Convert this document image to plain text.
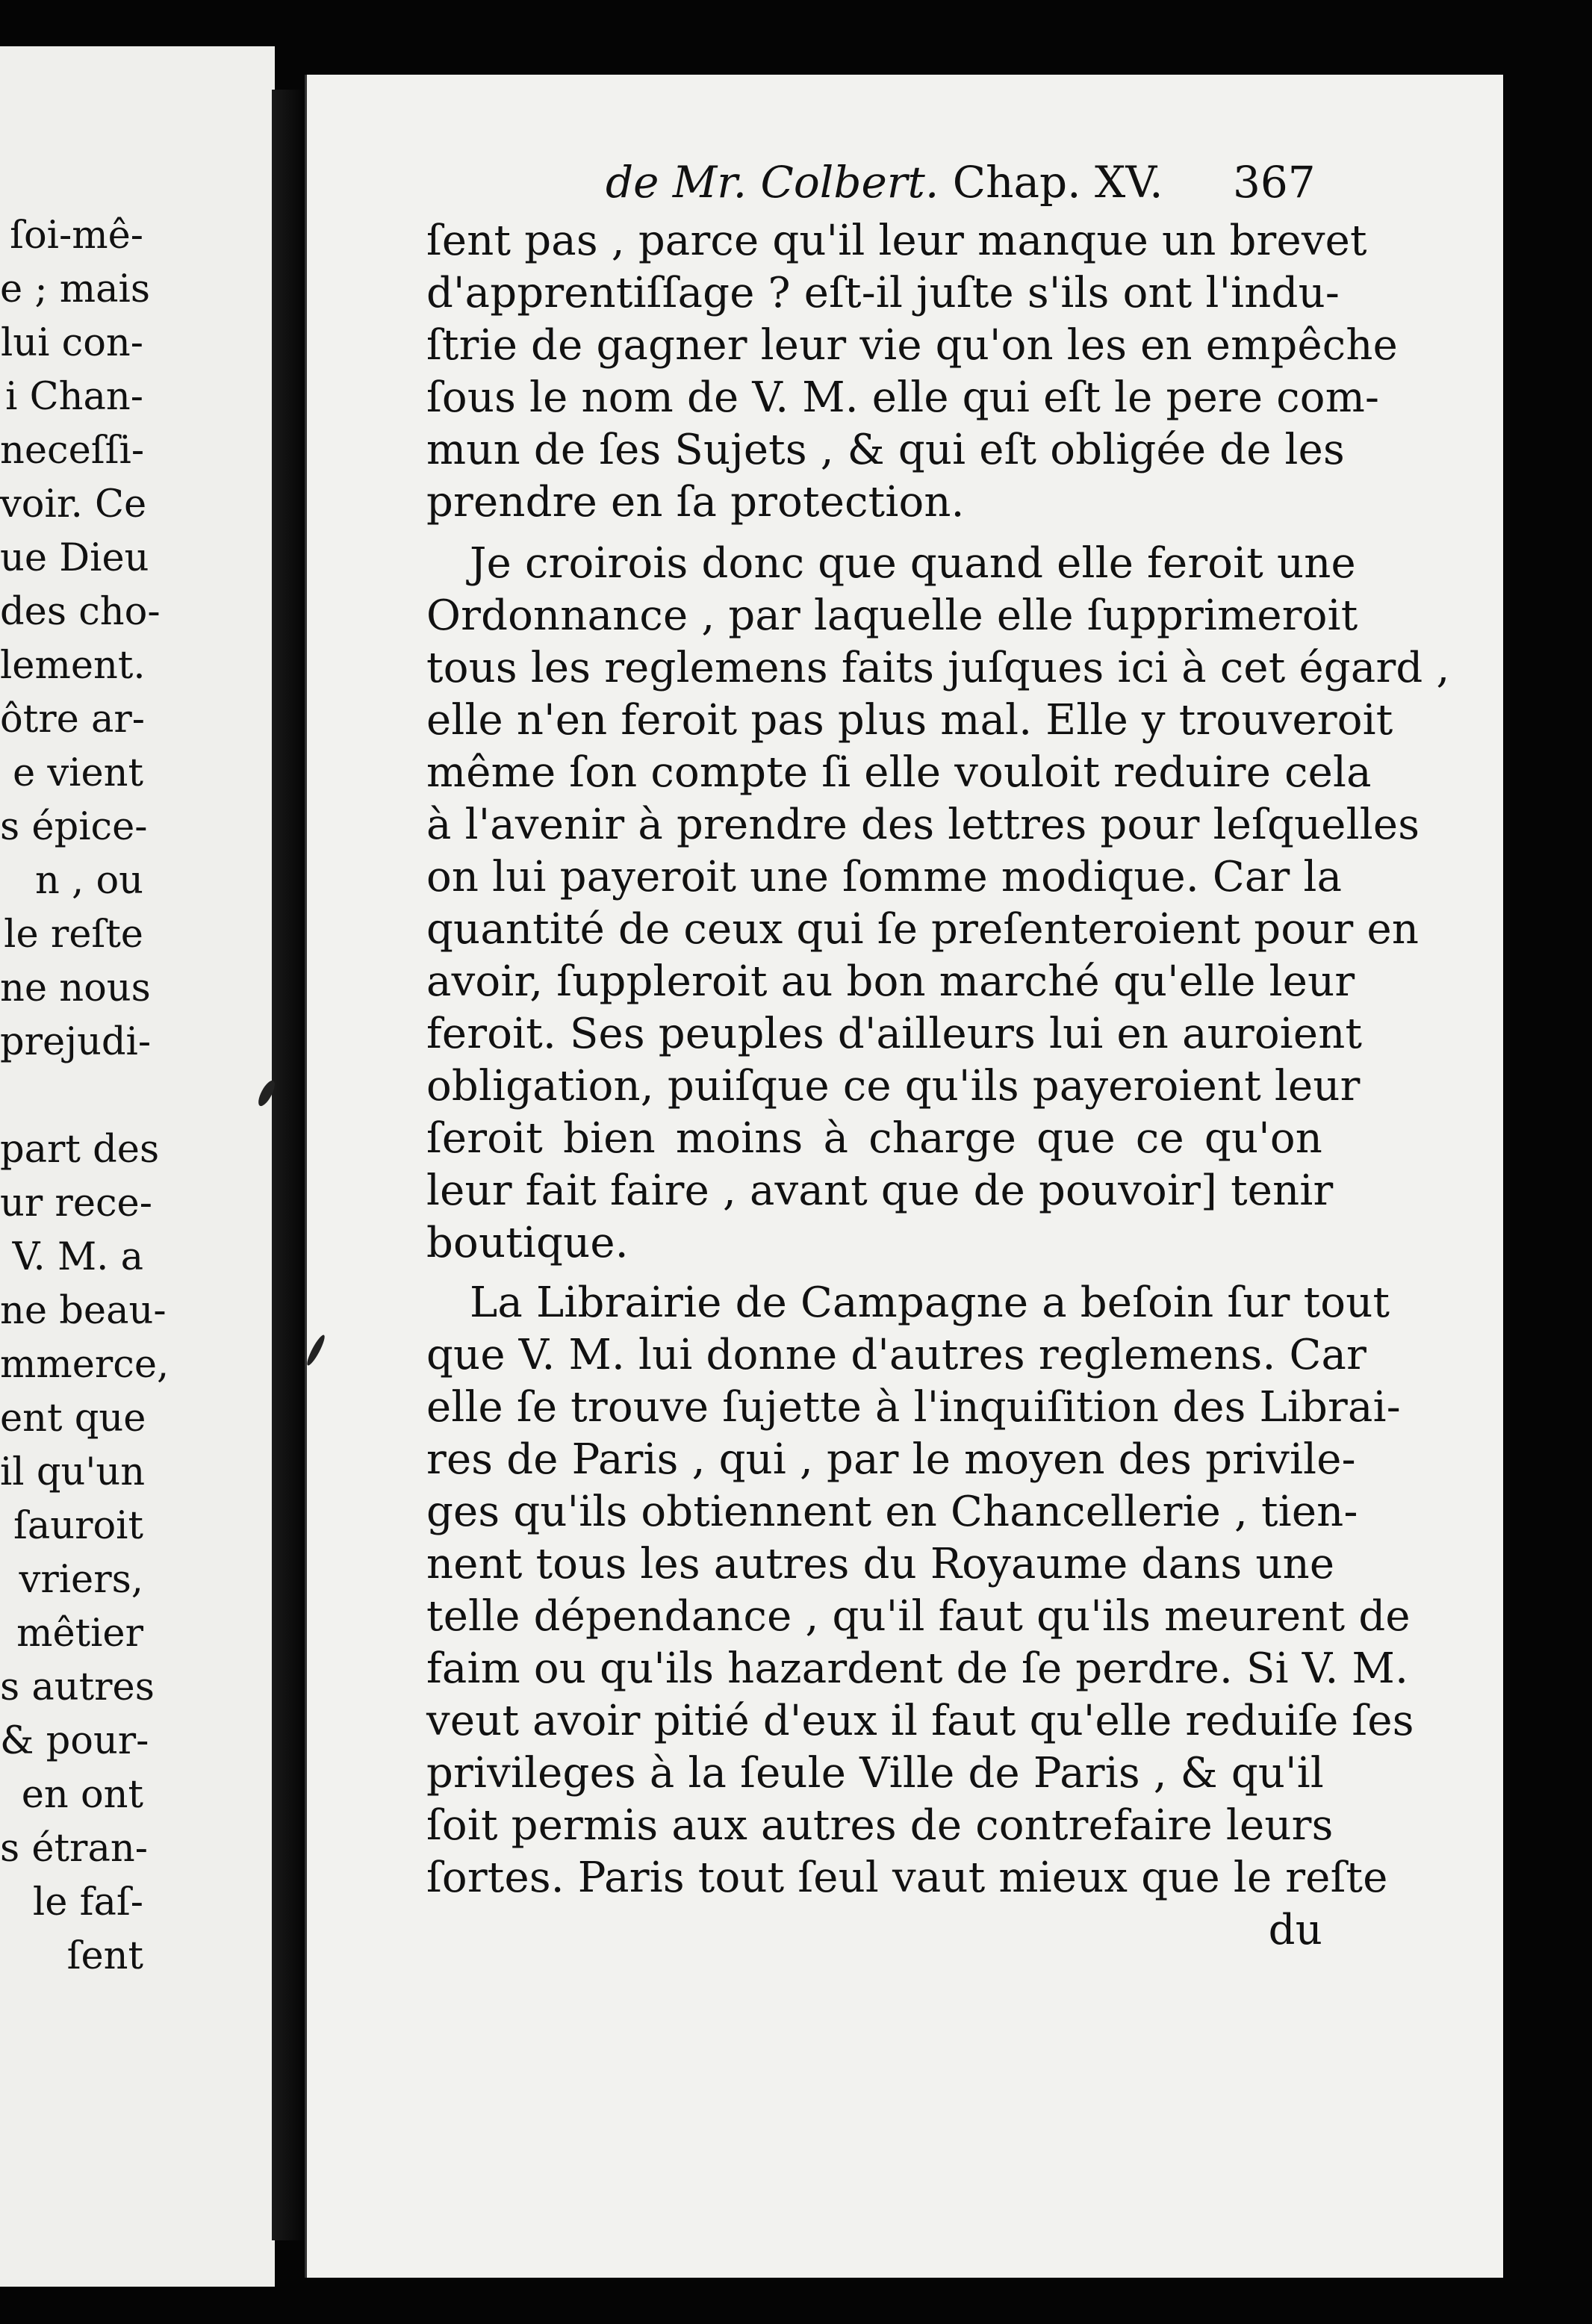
ſoi-mê-
e ; mais
lui con-
i Chan-
neceſſi-
voir. Ce
ue Dieu
des cho-
lement.
ôtre ar-
e vient
s épice-
n , ou
le reſte
ne nous
prejudi-
part des
ur rece-
V. M. a
ne beau-
mmerce,
ent que
il qu'un
ſauroit
vriers,
mêtier
s autres
& pour-
en ont
s étran-
le faſ-
ſent
de Mr. Colbert. Chap. XV. 367
ſent pas , parce qu'il leur manque un brevet
d'apprentiſſage ? eſt-il juſte s'ils ont l'indu-
ſtrie de gagner leur vie qu'on les en empêche
ſous le nom de V. M. elle qui eſt le pere com-
mun de ſes Sujets , & qui eſt obligée de les
prendre en ſa protection.
Je croirois donc que quand elle feroit une
Ordonnance , par laquelle elle ſupprimeroit
tous les reglemens faits juſques ici à cet égard ,
elle n'en feroit pas plus mal. Elle y trouveroit
même ſon compte ſi elle vouloit reduire cela
à l'avenir à prendre des lettres pour leſquelles
on lui payeroit une ſomme modique. Car la
quantité de ceux qui ſe preſenteroient pour en
avoir, ſuppleroit au bon marché qu'elle leur
feroit. Ses peuples d'ailleurs lui en auroient
obligation, puiſque ce qu'ils payeroient leur
ſeroit bien moins à charge que ce qu'on
leur fait faire , avant que de pouvoir] tenir
boutique.
La Librairie de Campagne a beſoin ſur tout
que V. M. lui donne d'autres reglemens. Car
elle ſe trouve ſujette à l'inquiſition des Librai-
res de Paris , qui , par le moyen des privile-
ges qu'ils obtiennent en Chancellerie , tien-
nent tous les autres du Royaume dans une
telle dépendance , qu'il faut qu'ils meurent de
faim ou qu'ils hazardent de ſe perdre. Si V. M.
veut avoir pitié d'eux il faut qu'elle reduiſe ſes
privileges à la ſeule Ville de Paris , & qu'il
ſoit permis aux autres de contrefaire leurs
ſortes. Paris tout ſeul vaut mieux que le reſte
du
